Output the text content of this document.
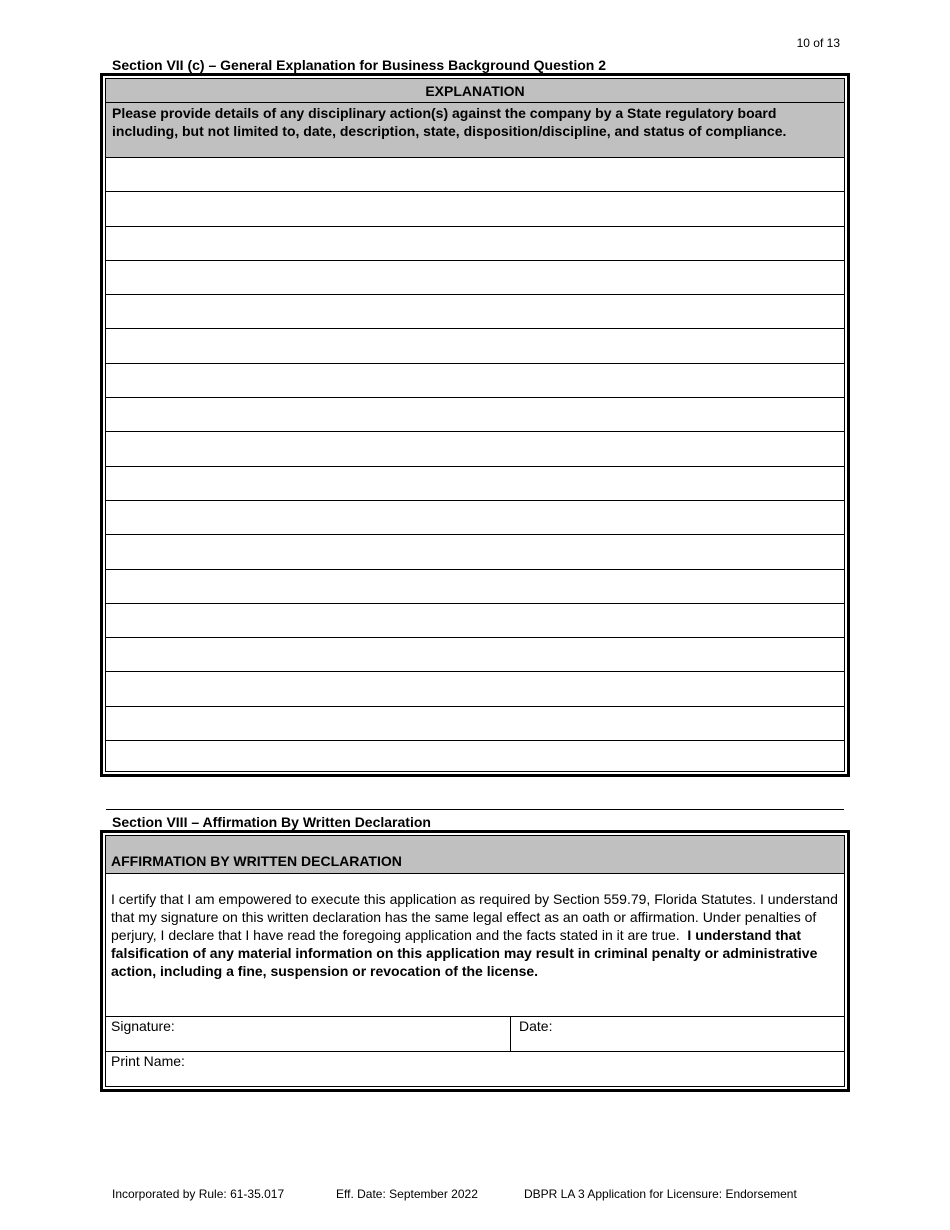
10 of 13
Section VII (c) – General Explanation for Business Background Question 2
EXPLANATION
Please provide details of any disciplinary action(s) against the company by a State regulatory board including, but not limited to, date, description, state, disposition/discipline, and status of compliance.
Section VIII – Affirmation By Written Declaration
AFFIRMATION BY WRITTEN DECLARATION
I certify that I am empowered to execute this application as required by Section 559.79, Florida Statutes. I understand that my signature on this written declaration has the same legal effect as an oath or affirmation. Under penalties of perjury, I declare that I have read the foregoing application and the facts stated in it are true. I understand that falsification of any material information on this application may result in criminal penalty or administrative action, including a fine, suspension or revocation of the license.
Signature:	Date:
Print Name:
Incorporated by Rule: 61-35.017	Eff. Date: September 2022	DBPR LA 3 Application for Licensure: Endorsement
